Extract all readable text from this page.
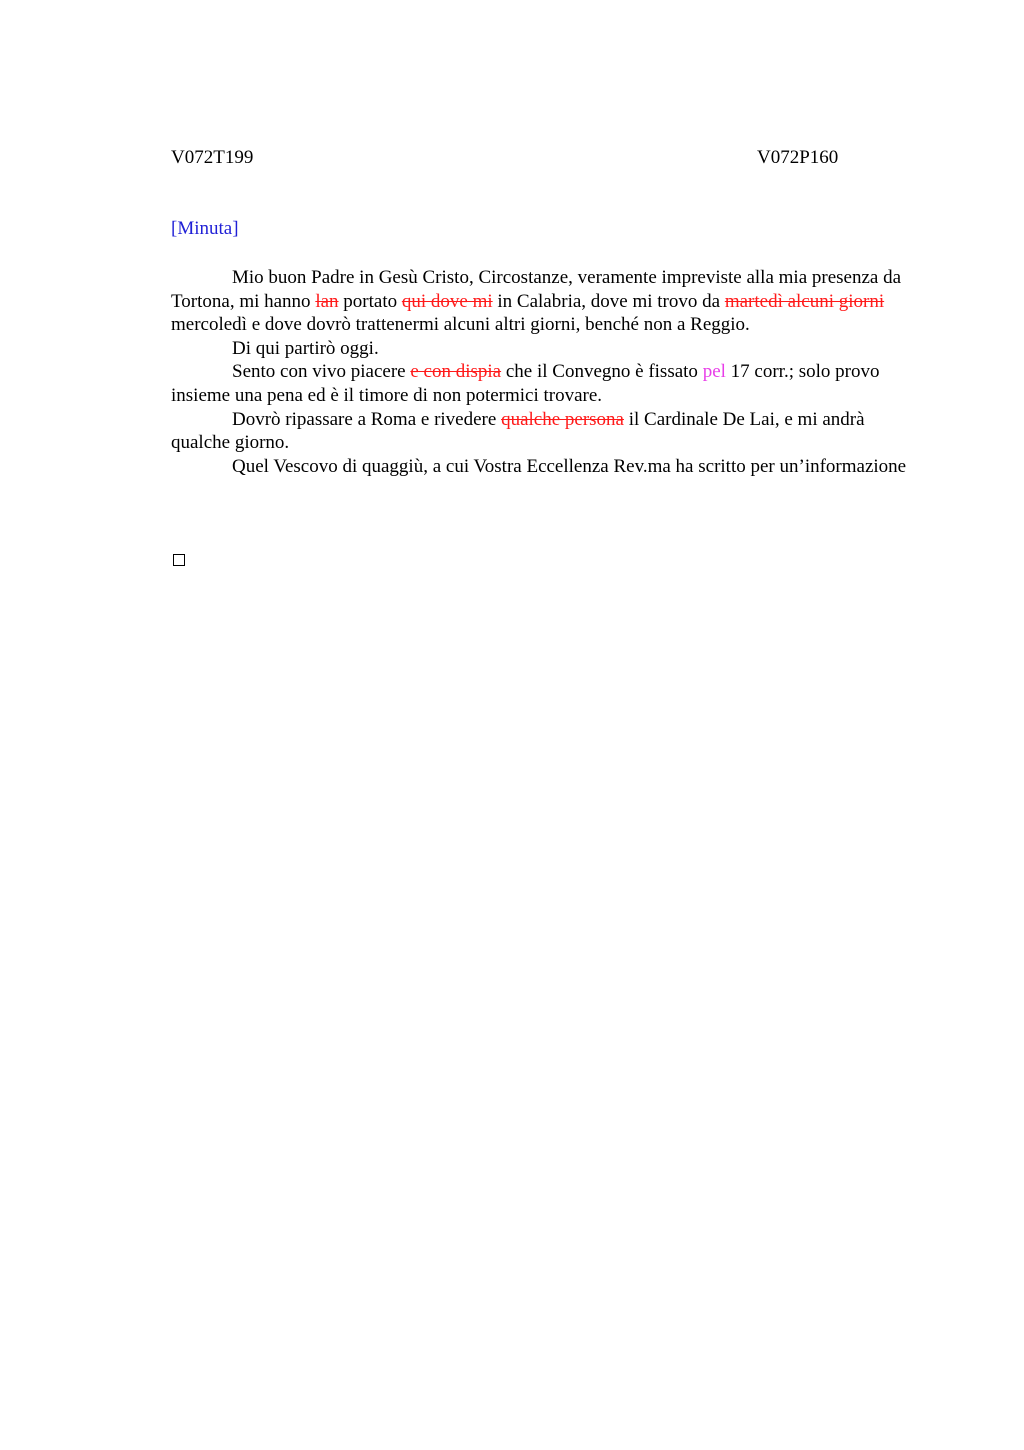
V072T199	V072P160
[Minuta]

Mio buon Padre in Gesù Cristo, Circostanze, veramente impreviste alla mia presenza da Tortona, mi hanno lan portato qui dove mi in Calabria, dove mi trovo da martedì alcuni giorni mercoledì e dove dovrò trattenermi alcuni altri giorni, benché non a Reggio.

Di qui partirò oggi.

Sento con vivo piacere e con dispia che il Convegno è fissato pel 17 corr.; solo provo insieme una pena ed è il timore di non potermici trovare.

Dovrò ripassare a Roma e rivedere qualche persona il Cardinale De Lai, e mi andrà qualche giorno.

Quel Vescovo di quaggiù, a cui Vostra Eccellenza Rev.ma ha scritto per un’informazione
